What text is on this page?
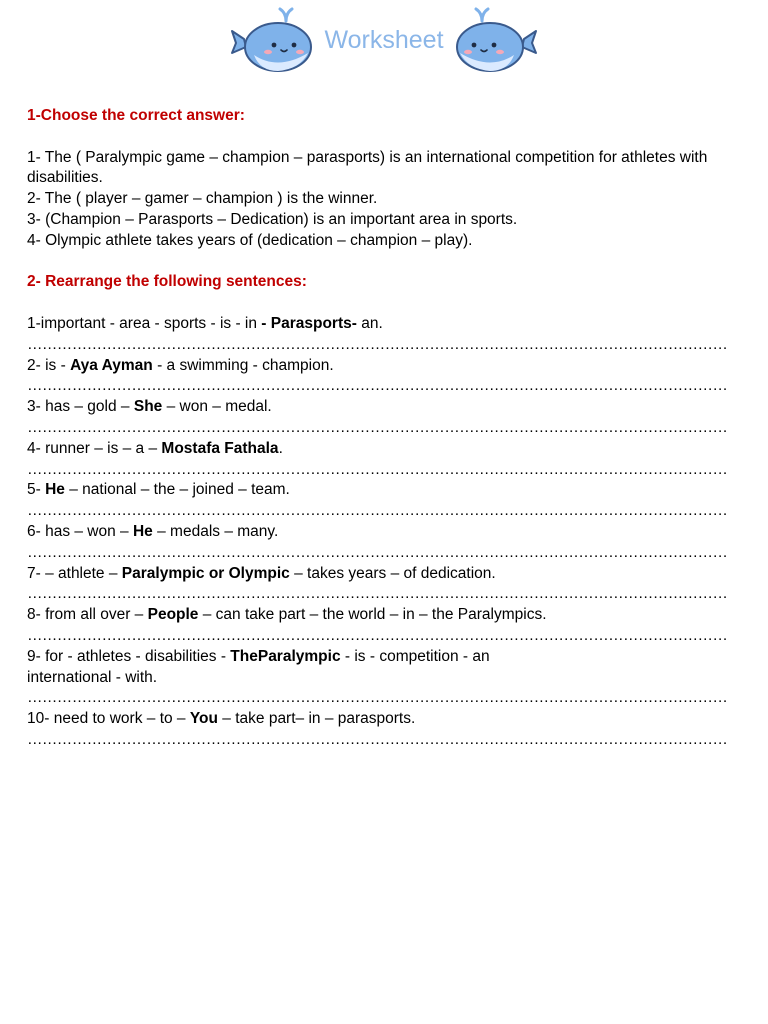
Worksheet
1-Choose the correct answer:
1- The ( Paralympic game – champion – parasports) is an international competition for athletes with disabilities.
2- The ( player – gamer – champion ) is the winner.
3- (Champion – Parasports – Dedication) is an important area in sports.
4- Olympic athlete takes years of (dedication – champion – play).
2- Rearrange the following sentences:
1-important - area - sports - is - in - Parasports- an.
……………………………………………………………………………………………………………………………
2- is - Aya Ayman - a swimming - champion.
……………………………………………………………………………………………………………………………
3- has – gold – She – won – medal.
……………………………………………………………………………………………………………………………
4- runner – is – a – Mostafa Fathala.
……………………………………………………………………………………………………………………………
5- He – national – the – joined – team.
……………………………………………………………………………………………………………………………
6- has – won – He – medals – many.
……………………………………………………………………………………………………………………………
7- – athlete – Paralympic or Olympic – takes years – of dedication.
……………………………………………………………………………………………………………………………
8- from all over – People – can take part – the world – in – the Paralympics.
……………………………………………………………………………………………………………………………
9- for - athletes - disabilities - TheParalympic - is - competition - an international - with.
……………………………………………………………………………………………………………………………
10- need to work – to – You – take part– in – parasports.
……………………………………………………………………………………………………………………………
